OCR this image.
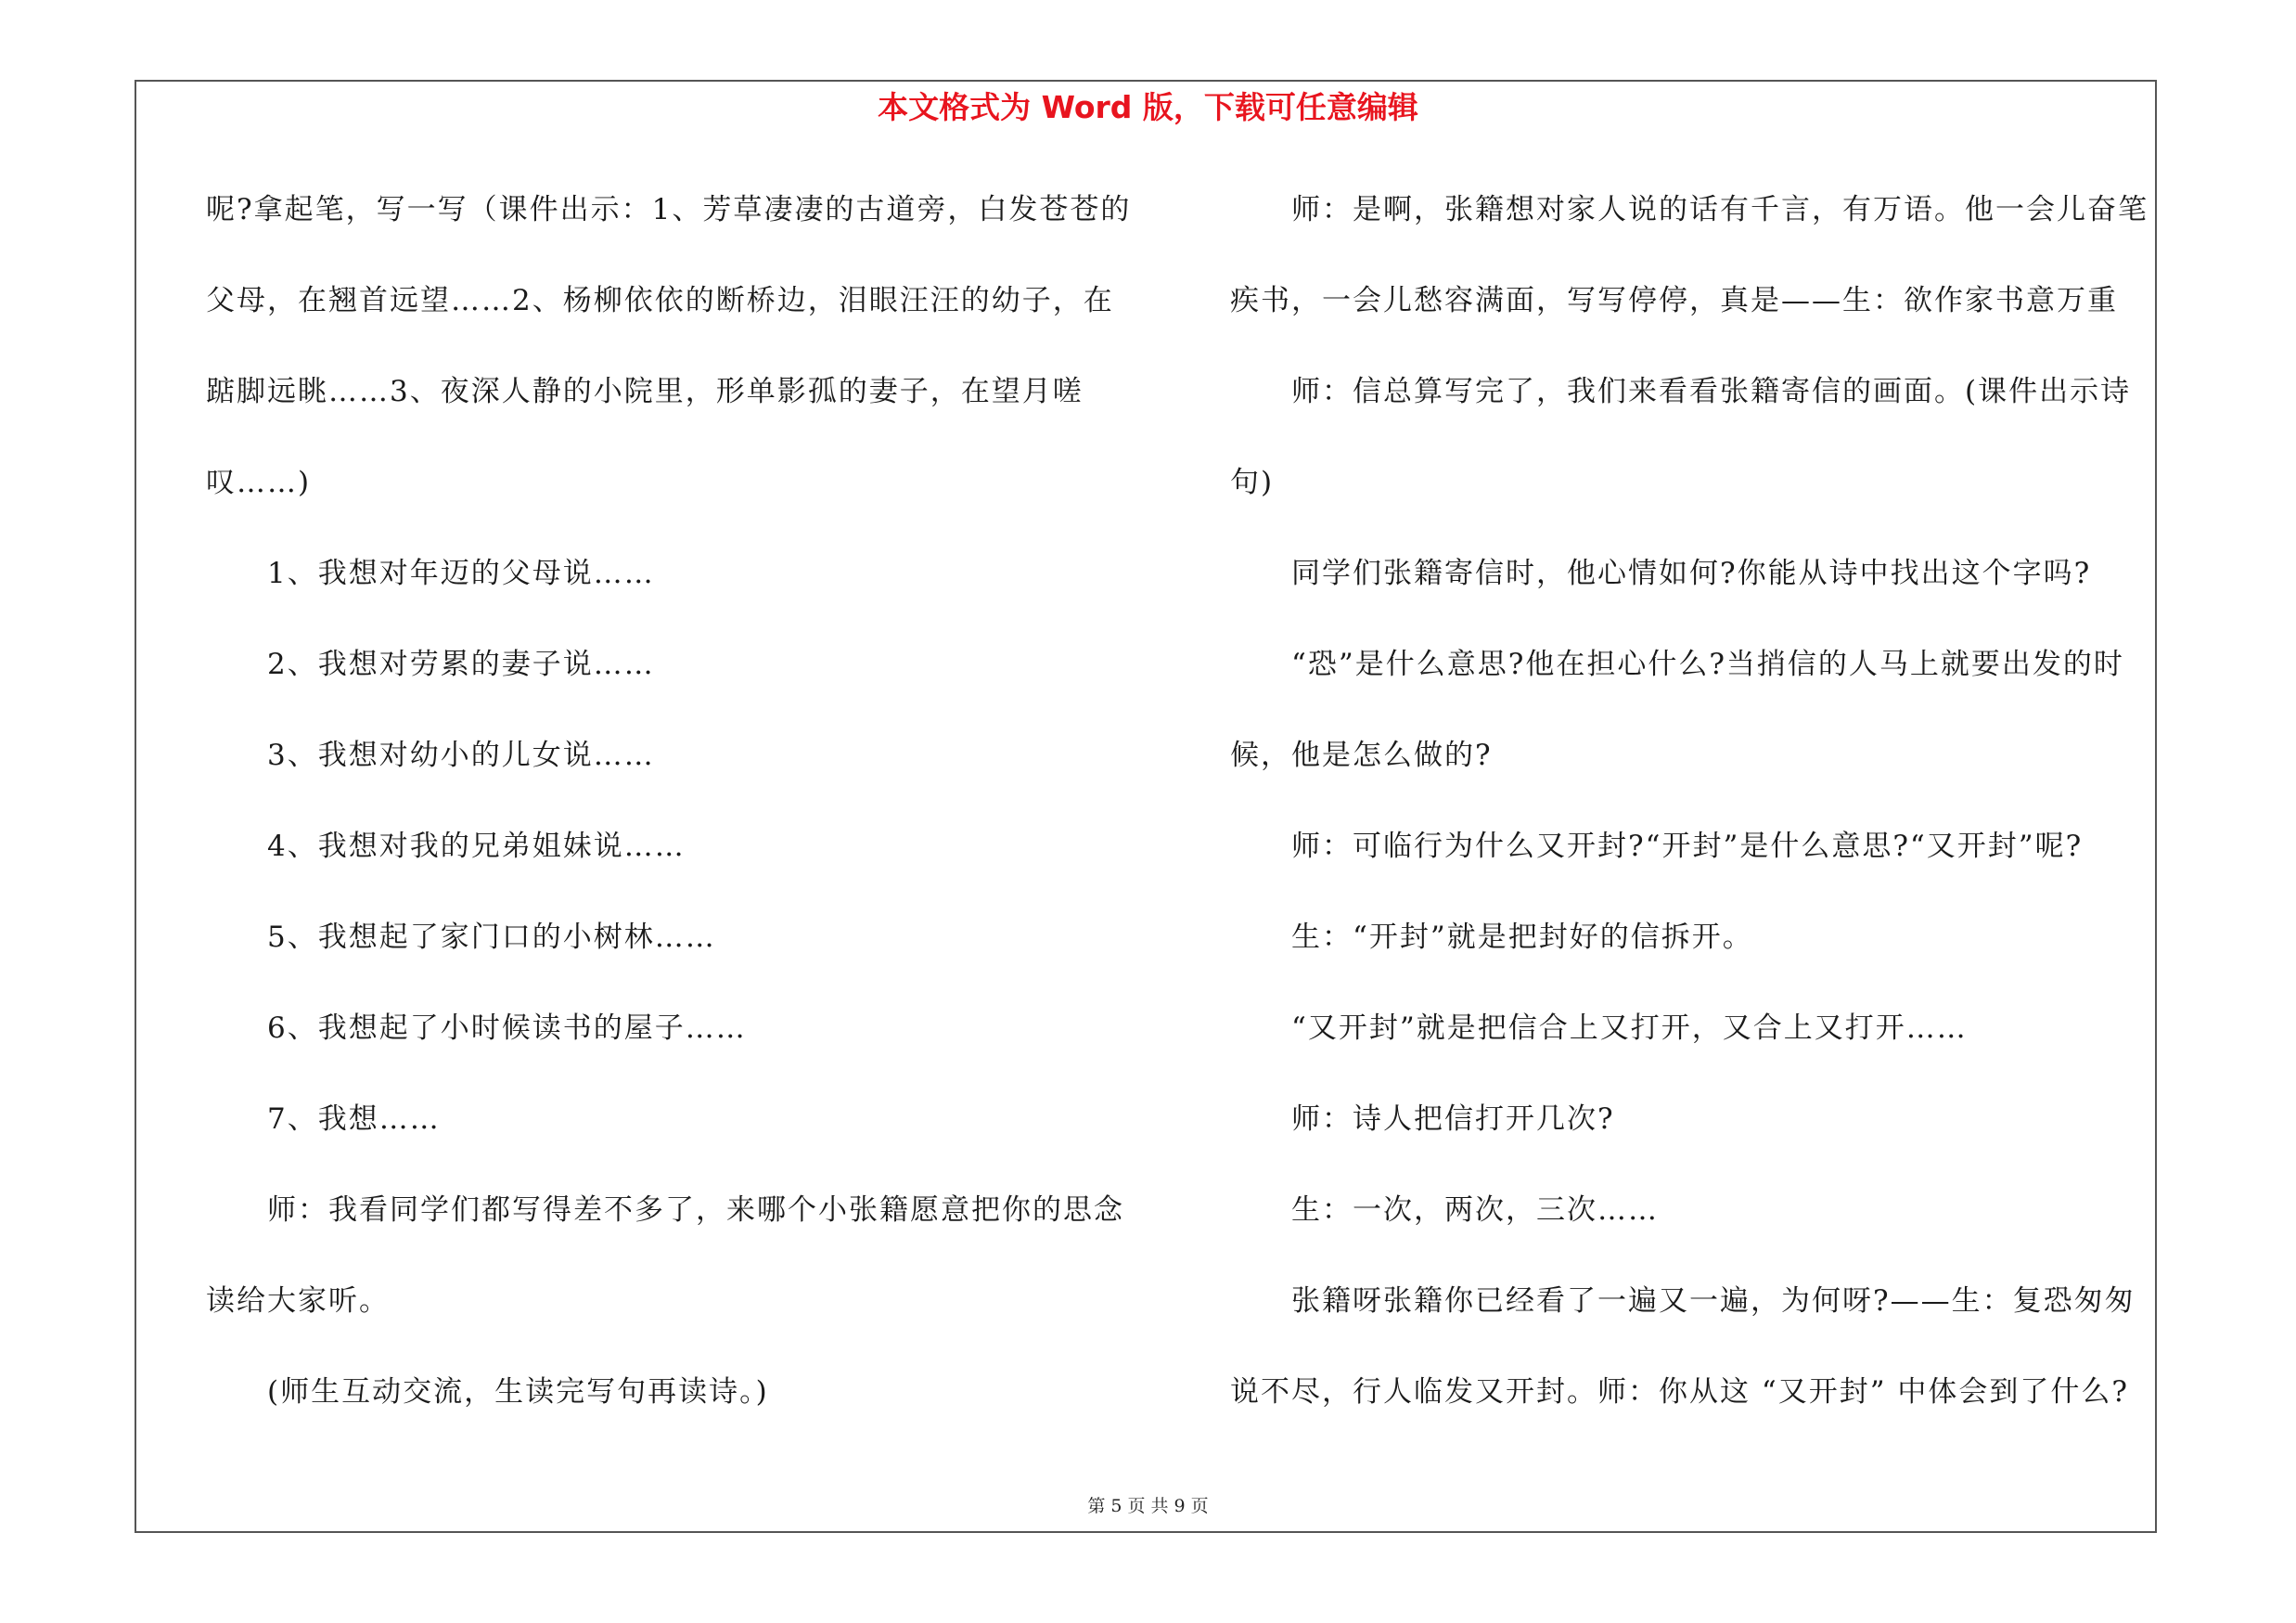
本文格式为 Word 版，下载可任意编辑
呢?拿起笔，写一写（课件出示：1、芳草凄凄的古道旁，白发苍苍的
父母，在翘首远望……2、杨柳依依的断桥边，泪眼汪汪的幼子，在
踮脚远眺……3、夜深人静的小院里，形单影孤的妻子，在望月嗟
叹……)
1、我想对年迈的父母说……
2、我想对劳累的妻子说……
3、我想对幼小的儿女说……
4、我想对我的兄弟姐妹说……
5、我想起了家门口的小树林……
6、我想起了小时候读书的屋子……
7、我想……
师：我看同学们都写得差不多了，来哪个小张籍愿意把你的思念
读给大家听。
(师生互动交流，生读完写句再读诗。)
师：是啊，张籍想对家人说的话有千言，有万语。他一会儿奋笔
疾书，一会儿愁容满面，写写停停，真是——生：欲作家书意万重
师：信总算写完了，我们来看看张籍寄信的画面。(课件出示诗
句)
同学们张籍寄信时，他心情如何?你能从诗中找出这个字吗?
“恐”是什么意思?他在担心什么?当捎信的人马上就要出发的时
候，他是怎么做的?
师：可临行为什么又开封?“开封”是什么意思?“又开封”呢?
生：“开封”就是把封好的信拆开。
“又开封”就是把信合上又打开，又合上又打开……
师：诗人把信打开几次?
生：一次，两次，三次……
张籍呀张籍你已经看了一遍又一遍，为何呀?——生：复恐匆匆
说不尽，行人临发又开封。师：你从这 “又开封” 中体会到了什么?
第 5 页 共 9 页
